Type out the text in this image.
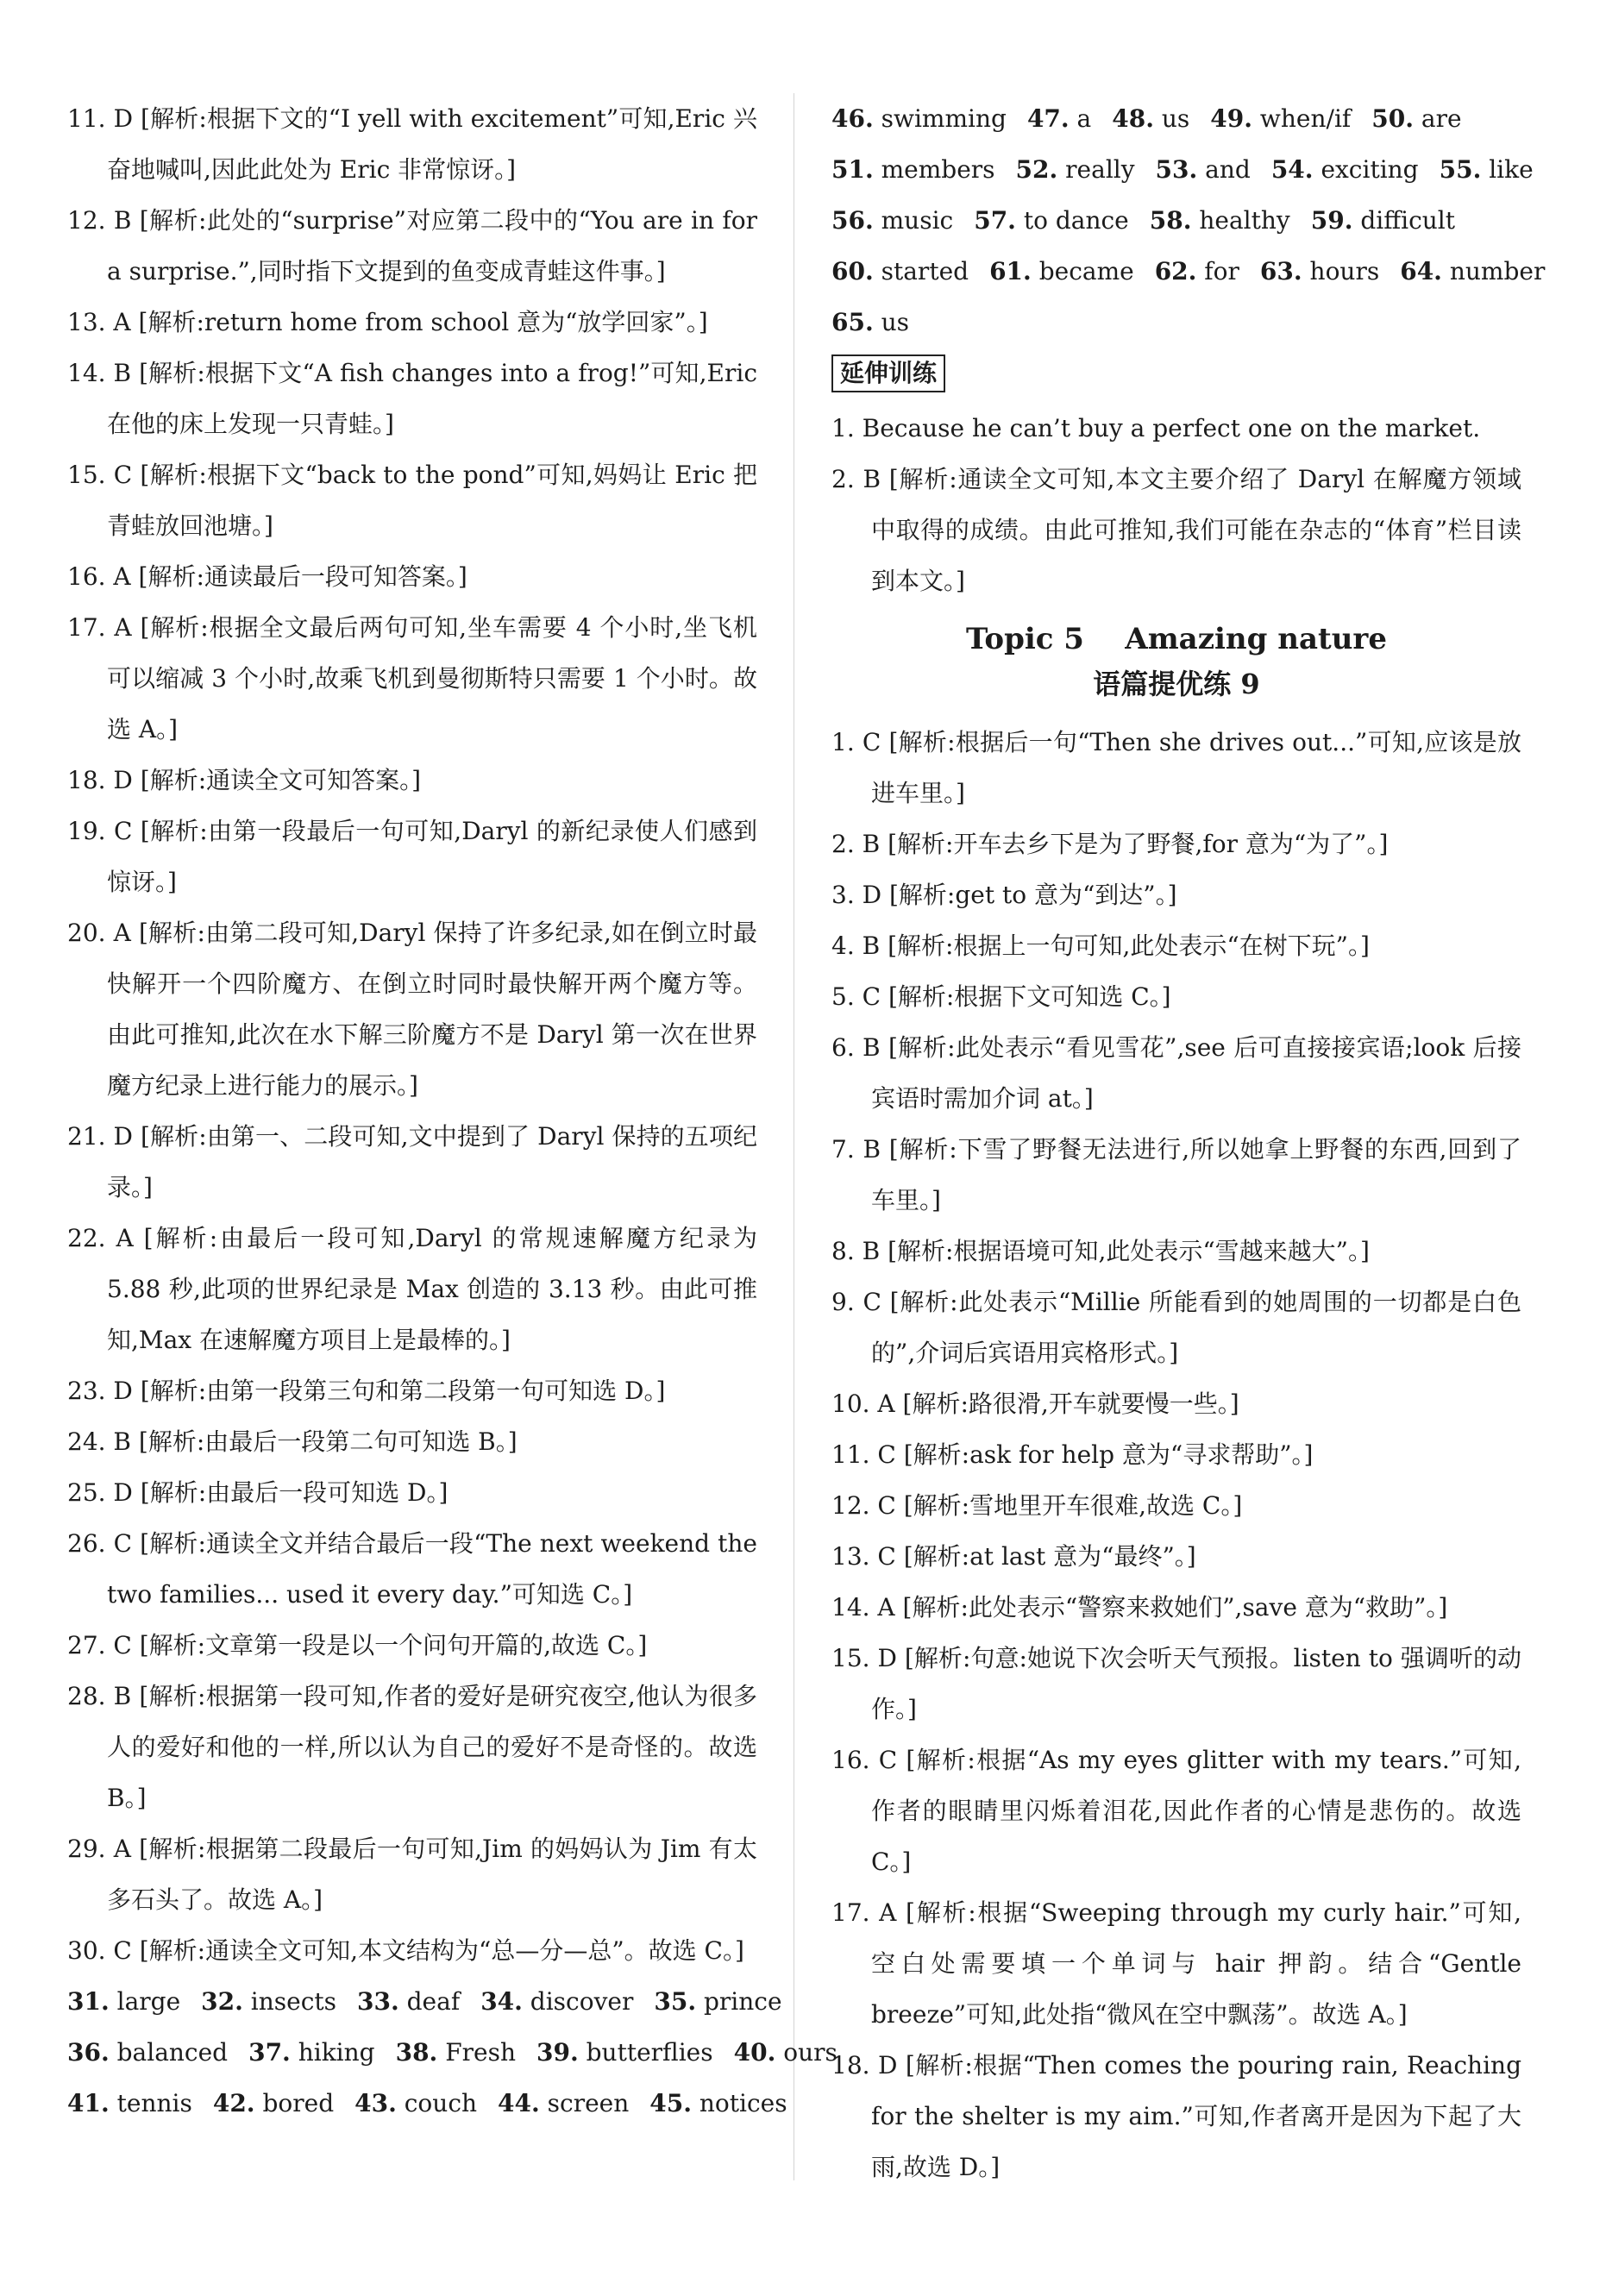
11. D [解析:根据下文的“I yell with excitement”可知,Eric 兴奋地喊叫,因此此处为 Eric 非常惊讶。]
12. B [解析:此处的“surprise”对应第二段中的“You are in for a surprise.”,同时指下文提到的鱼变成青蛙这件事。]
13. A [解析:return home from school 意为“放学回家”。]
14. B [解析:根据下文“A fish changes into a frog!”可知,Eric 在他的床上发现一只青蛙。]
15. C [解析:根据下文“back to the pond”可知,妈妈让 Eric 把青蛙放回池塘。]
16. A [解析:通读最后一段可知答案。]
17. A [解析:根据全文最后两句可知,坐车需要 4 个小时,坐飞机可以缩减 3 个小时,故乘飞机到曼彻斯特只需要 1 个小时。故选 A。]
18. D [解析:通读全文可知答案。]
19. C [解析:由第一段最后一句可知,Daryl 的新纪录使人们感到惊讶。]
20. A [解析:由第二段可知,Daryl 保持了许多纪录,如在倒立时最快解开一个四阶魔方、在倒立时同时最快解开两个魔方等。由此可推知,此次在水下解三阶魔方不是 Daryl 第一次在世界魔方纪录上进行能力的展示。]
21. D [解析:由第一、二段可知,文中提到了 Daryl 保持的五项纪录。]
22. A [解析:由最后一段可知,Daryl 的常规速解魔方纪录为 5.88 秒,此项的世界纪录是 Max 创造的 3.13 秒。由此可推知,Max 在速解魔方项目上是最棒的。]
23. D [解析:由第一段第三句和第二段第一句可知选 D。]
24. B [解析:由最后一段第二句可知选 B。]
25. D [解析:由最后一段可知选 D。]
26. C [解析:通读全文并结合最后一段“The next weekend the two families... used it every day.”可知选 C。]
27. C [解析:文章第一段是以一个问句开篇的,故选 C。]
28. B [解析:根据第一段可知,作者的爱好是研究夜空,他认为很多人的爱好和他的一样,所以认为自己的爱好不是奇怪的。故选 B。]
29. A [解析:根据第二段最后一句可知,Jim 的妈妈认为 Jim 有太多石头了。故选 A。]
30. C [解析:通读全文可知,本文结构为“总—分—总”。故选 C。]
31. large 32. insects 33. deaf 34. discover 35. prince
36. balanced 37. hiking 38. Fresh 39. butterflies 40. ours
41. tennis 42. bored 43. couch 44. screen 45. notices
46. swimming 47. a 48. us 49. when/if 50. are
51. members 52. really 53. and 54. exciting 55. like
56. music 57. to dance 58. healthy 59. difficult
60. started 61. became 62. for 63. hours 64. number
65. us
延伸训练
1. Because he can’t buy a perfect one on the market.
2. B [解析:通读全文可知,本文主要介绍了 Daryl 在解魔方领域中取得的成绩。由此可推知,我们可能在杂志的“体育”栏目读到本文。]
Topic 5    Amazing nature
语篇提优练 9
1. C [解析:根据后一句“Then she drives out...”可知,应该是放进车里。]
2. B [解析:开车去乡下是为了野餐,for 意为“为了”。]
3. D [解析:get to 意为“到达”。]
4. B [解析:根据上一句可知,此处表示“在树下玩”。]
5. C [解析:根据下文可知选 C。]
6. B [解析:此处表示“看见雪花”,see 后可直接接宾语;look 后接宾语时需加介词 at。]
7. B [解析:下雪了野餐无法进行,所以她拿上野餐的东西,回到了车里。]
8. B [解析:根据语境可知,此处表示“雪越来越大”。]
9. C [解析:此处表示“Millie 所能看到的她周围的一切都是白色的”,介词后宾语用宾格形式。]
10. A [解析:路很滑,开车就要慢一些。]
11. C [解析:ask for help 意为“寻求帮助”。]
12. C [解析:雪地里开车很难,故选 C。]
13. C [解析:at last 意为“最终”。]
14. A [解析:此处表示“警察来救她们”,save 意为“救助”。]
15. D [解析:句意:她说下次会听天气预报。listen to 强调听的动作。]
16. C [解析:根据“As my eyes glitter with my tears.”可知,作者的眼睛里闪烁着泪花,因此作者的心情是悲伤的。故选 C。]
17. A [解析:根据“Sweeping through my curly hair.”可知,空白处需要填一个单词与 hair 押韵。结合“Gentle breeze”可知,此处指“微风在空中飘荡”。故选 A。]
18. D [解析:根据“Then comes the pouring rain, Reaching for the shelter is my aim.”可知,作者离开是因为下起了大雨,故选 D。]
